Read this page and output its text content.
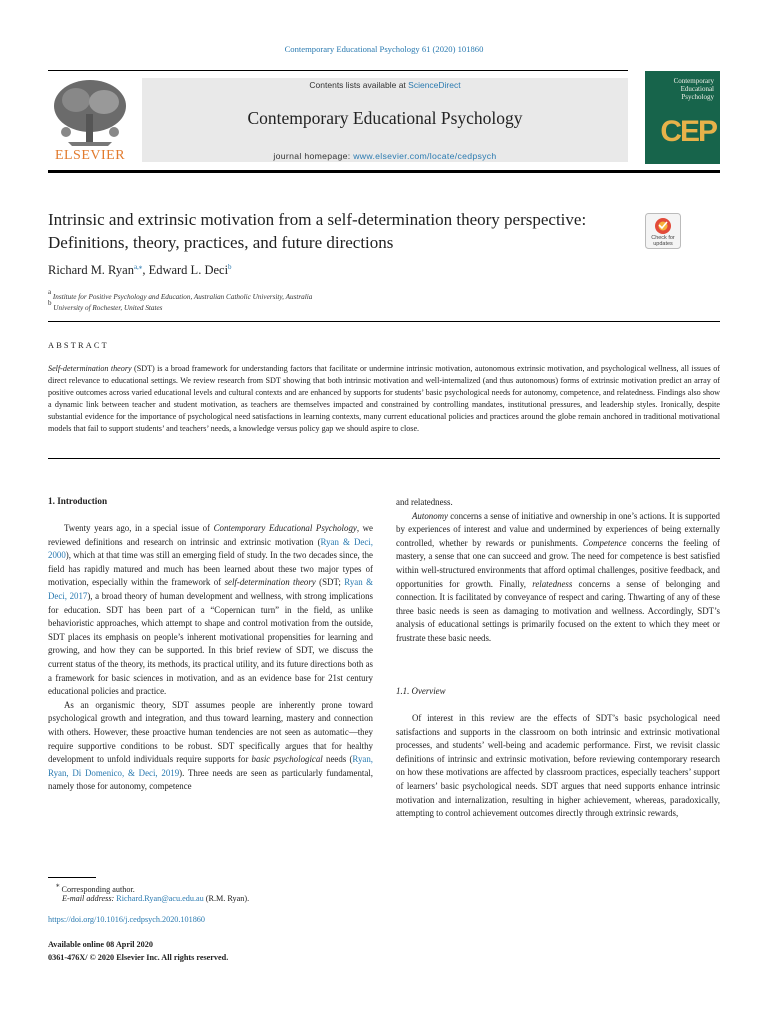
Contemporary Educational Psychology 61 (2020) 101860
ELSEVIER
Contents lists available at ScienceDirect
Contemporary Educational Psychology
journal homepage: www.elsevier.com/locate/cedpsych
Contemporary Educational Psychology
CEP
Intrinsic and extrinsic motivation from a self-determination theory perspective: Definitions, theory, practices, and future directions	Check for
updates
Richard M. Ryan$^{a,⁎}$, Edward L. Deci$^b$
$^a$ Institute for Positive Psychology and Education, Australian Catholic University, Australia
$^b$ University of Rochester, United States
ABSTRACT
Self-determination theory (SDT) is a broad framework for understanding factors that facilitate or undermine intrinsic motivation, autonomous extrinsic motivation, and psychological wellness, all issues of direct relevance to educational settings. We review research from SDT showing that both intrinsic motivation and well-internalized (and thus autonomous) forms of extrinsic motivation predict an array of positive outcomes across varied educational levels and cultural contexts and are enhanced by supports for students’ basic psychological needs for autonomy, competence, and relatedness. Findings also show a dynamic link between teacher and student motivation, as teachers are themselves impacted and constrained by controlling mandates, institutional pressures, and leadership styles. Ironically, despite substantial evidence for the importance of psychological need satisfactions in learning contexts, many current educational policies and practices around the globe remain anchored in traditional motivational models that fail to support students’ and teachers’ needs, a knowledge versus policy gap we should aspire to close.
1. Introduction

Twenty years ago, in a special issue of Contemporary Educational Psychology, we reviewed definitions and research on intrinsic and extrinsic motivation (Ryan & Deci, 2000), which at that time was still an emerging field of study. In the two decades since, the field has rapidly matured and much has been learned about these two major types of motivation, especially within the framework of self-determination theory (SDT; Ryan & Deci, 2017), a broad theory of human development and wellness, with strong implications for education. SDT has been part of a “Copernican turn” in the field, as unlike behavioristic approaches, which attempt to shape and control motivation from the outside, SDT places its emphasis on people’s inherent motivational propensities for learning and growing, and how they can be supported. In this brief review of SDT, we discuss the current status of the theory, its methods, its practical utility, and its future directions both as a framework for basic sciences in motivation, and as an evidence base for 21st century educational policies and practice.

As an organismic theory, SDT assumes people are inherently prone toward psychological growth and integration, and thus toward learning, mastery and connection with others. However, these proactive human tendencies are not seen as automatic—they require supportive conditions to be robust. SDT specifically argues that for healthy development to unfold individuals require supports for basic psychological needs (Ryan, Ryan, Di Domenico, & Deci, 2019). Three needs are seen as particularly fundamental, namely those for autonomy, competence

and relatedness.

Autonomy concerns a sense of initiative and ownership in one’s actions. It is supported by experiences of interest and value and undermined by experiences of being externally controlled, whether by rewards or punishments. Competence concerns the feeling of mastery, a sense that one can succeed and grow. The need for competence is best satisfied within well-structured environments that afford optimal challenges, positive feedback, and opportunities for growth. Finally, relatedness concerns a sense of belonging and connection. It is facilitated by conveyance of respect and caring. Thwarting of any of these three basic needs is seen as damaging to motivation and wellness. Accordingly, SDT’s analysis of educational settings is primarily focused on the extent to which they meet or frustrate these basic needs.

1.1. Overview

Of interest in this review are the effects of SDT’s basic psychological need satisfactions and supports in the classroom on both intrinsic and extrinsic motivational processes, and students’ well-being and academic performance. First, we revisit classic definitions of intrinsic and extrinsic motivation, before reviewing contemporary research on how these motivations are affected by classroom practices, especially teachers’ support of learners’ basic psychological needs. SDT argues that need supports enhance intrinsic motivation and internalization, resulting in higher achievement, whereas, paradoxically, attempting to control achievement outcomes directly through extrinsic rewards,

⁎ Corresponding author.
E-mail address: Richard.Ryan@acu.edu.au (R.M. Ryan).
https://doi.org/10.1016/j.cedpsych.2020.101860
Available online 08 April 2020
0361-476X/ © 2020 Elsevier Inc. All rights reserved.
